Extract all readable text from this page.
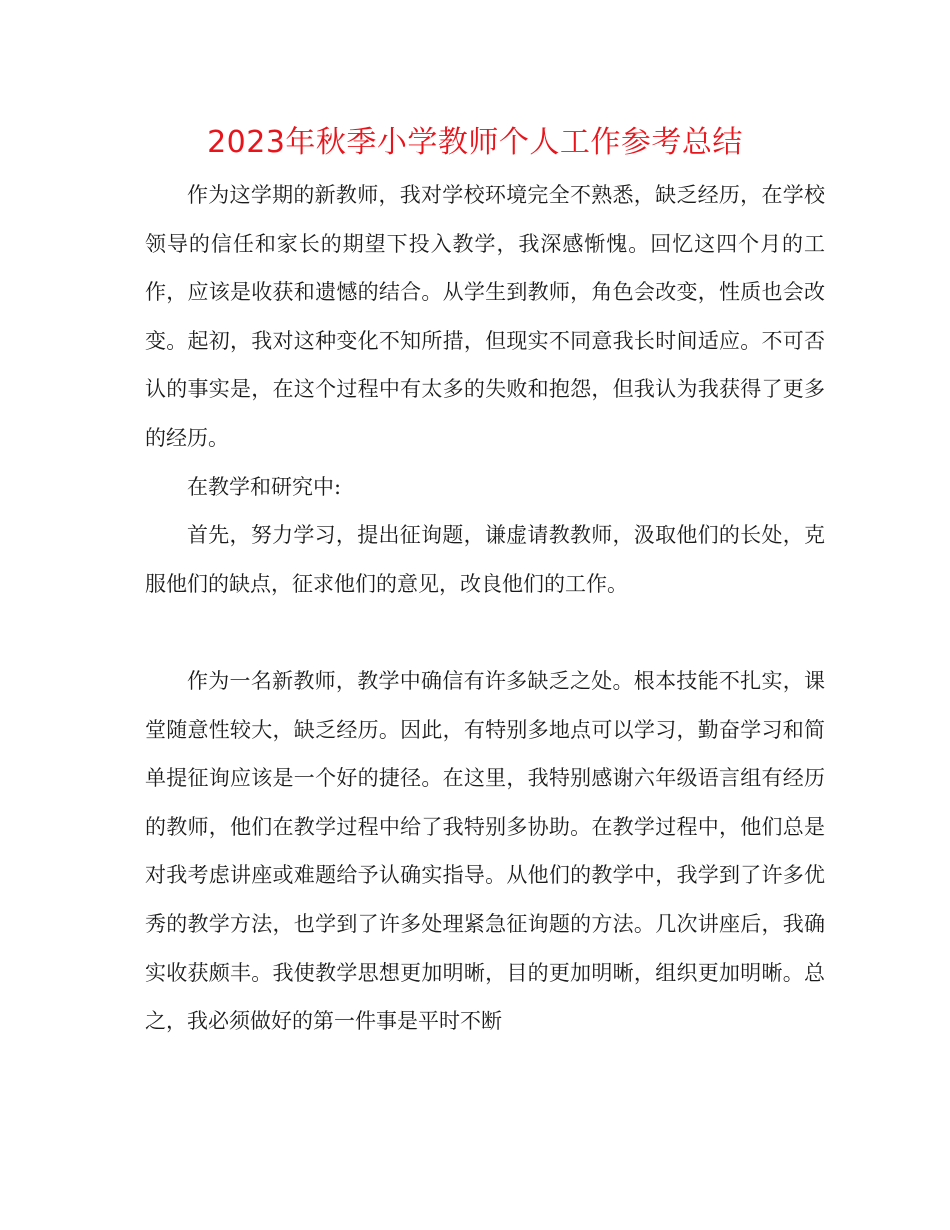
2023年秋季小学教师个人工作参考总结

作为这学期的新教师，我对学校环境完全不熟悉，缺乏经历，在学校领导的信任和家长的期望下投入教学，我深感惭愧。回忆这四个月的工作，应该是收获和遗憾的结合。从学生到教师，角色会改变，性质也会改变。起初，我对这种变化不知所措，但现实不同意我长时间适应。不可否认的事实是，在这个过程中有太多的失败和抱怨，但我认为我获得了更多的经历。

在教学和研究中:

首先，努力学习，提出征询题，谦虚请教教师，汲取他们的长处，克服他们的缺点，征求他们的意见，改良他们的工作。

作为一名新教师，教学中确信有许多缺乏之处。根本技能不扎实，课堂随意性较大，缺乏经历。因此，有特别多地点可以学习，勤奋学习和简单提征询应该是一个好的捷径。在这里，我特别感谢六年级语言组有经历的教师，他们在教学过程中给了我特别多协助。在教学过程中，他们总是对我考虑讲座或难题给予认确实指导。从他们的教学中，我学到了许多优秀的教学方法，也学到了许多处理紧急征询题的方法。几次讲座后，我确实收获颇丰。我使教学思想更加明晰，目的更加明晰，组织更加明晰。总之，我必须做好的第一件事是平时不断
